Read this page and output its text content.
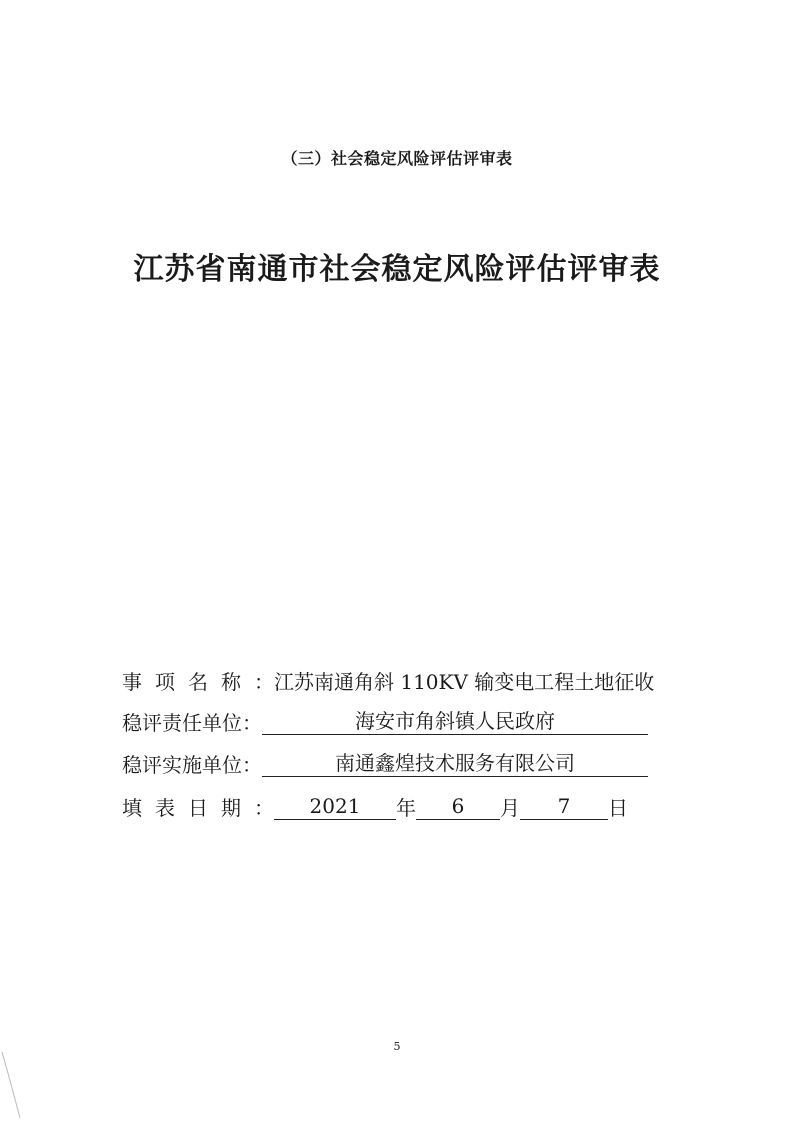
（三）社会稳定风险评估评审表
江苏省南通市社会稳定风险评估评审表
事项名称：
江苏南通角斜 110KV 输变电工程土地征收
稳评责任单位：	海安市角斜镇人民政府
稳评实施单位：	南通鑫煌技术服务有限公司
填表日期：	2021	年	6	月	7	日
5
